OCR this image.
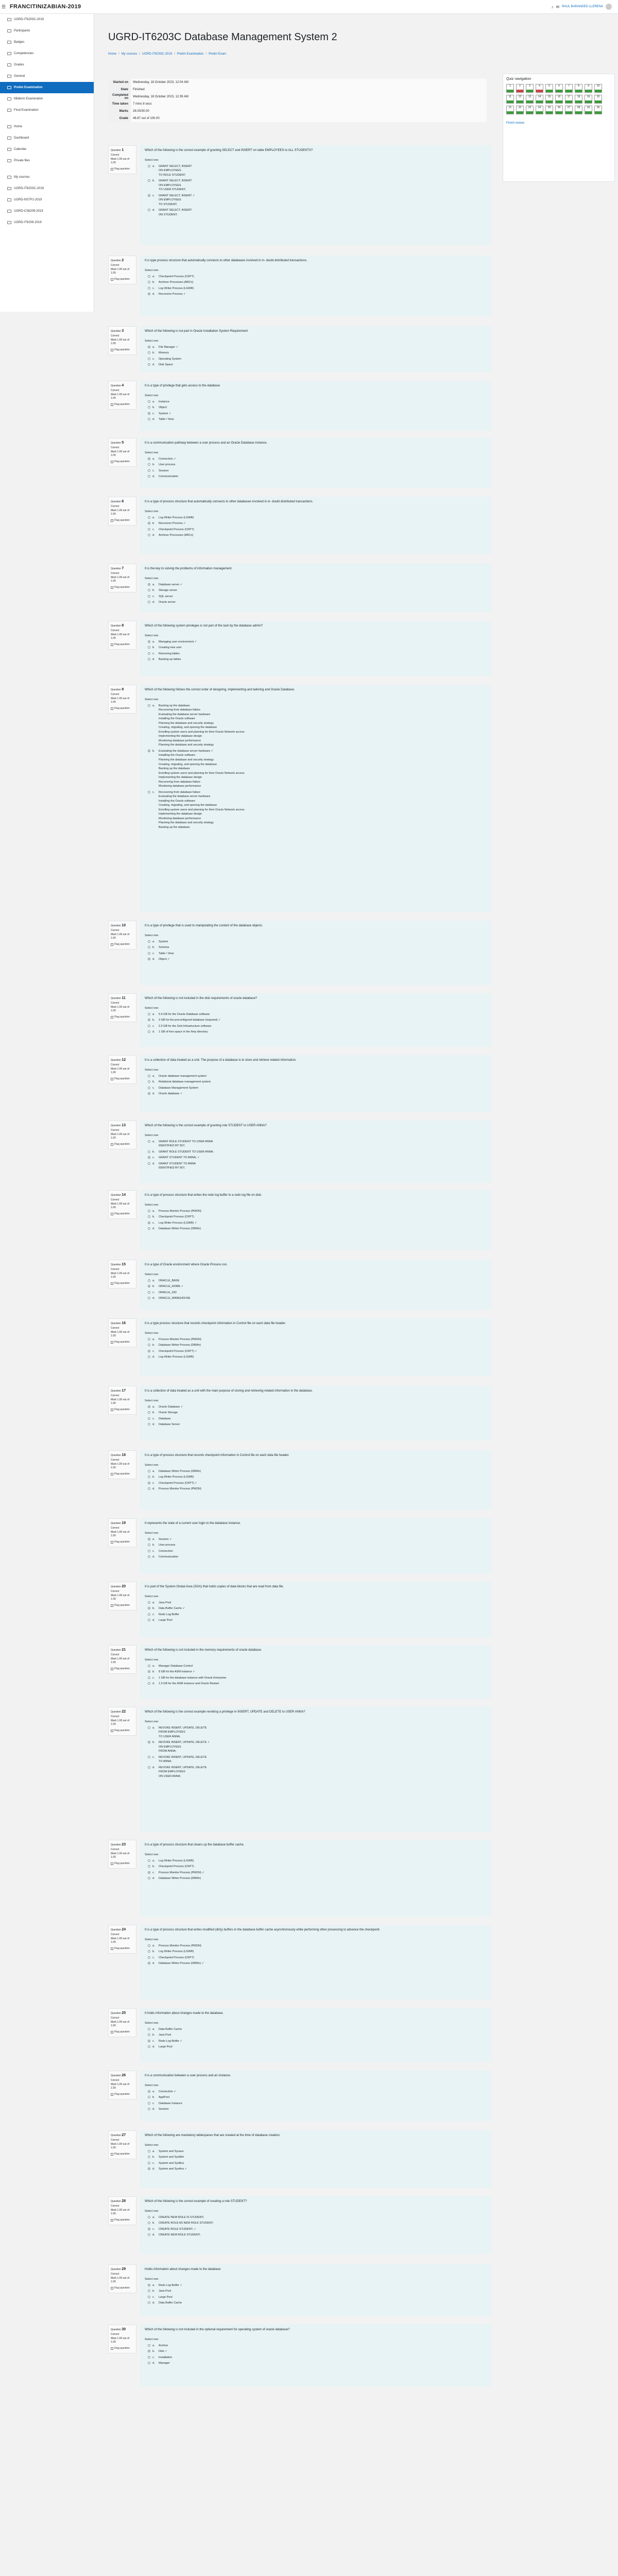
☰ FRANCITINIZABIAN-2019	♪ ✉ RAUL BARANDED LLERENA
UGRD-IT6203C-2019
Participants
Badges
Competencies
Grades
General
Prelim Examination
Midterm Examination
Final Examination
Home
Dashboard
Calendar
Private files
My courses
UGRD-IT6203C-2019
UGRD-NSTP1-2019
UGRD-CS6209-2019
UGRD-IT6209-2019
UGRD-IT6203C Database Management System 2
Home / My courses / UGRD-IT6203C-2019 / Prelim Examination / Prelim Exam
Started on	Wednesday, 18 October 2023, 12:04 AM
State	Finished
Completed on	Wednesday, 18 October 2023, 12:39 AM
Time taken	7 mins 8 secs
Marks	28.00/30.00
Grade	46.67 out of 100.00
Quiz navigation
1	2	3	4	5	6	7	8	9	10
11	12	13	14	15	16	17	18	19	20
21	22	23	24	25	26	27	28	29	30
Finish review
Question 1
Correct
Mark 1.00 out of 1.00
Flag question
Which of the following is the correct example of granting SELECT and INSERT on table EMPLOYEES to ALL STUDENTS?
Select one:
a.	GRANT SELECT, INSERT
ON EMPLOYEES
TO ROLE STUDENT;
b.	GRANT SELECT, INSERT
ON EMPLOYEES
TO USER STUDENT;
c.	GRANT SELECT, INSERT ✓
ON EMPLOYEES
TO STUDENT;
d.	GRANT SELECT, INSERT
ON STUDENT;
Question 2
Correct
Mark 1.00 out of 1.00
Flag question
It is type process structure that automatically connects to other databases involved in in- doubt distributed transactions.
Select one:
a.	Checkpoint Process (CKPT)
b.	Archiver Processes (ARCn)
c.	Log Writer Process (LGWR)
d.	Recoverer Process ✓
Question 3
Correct
Mark 1.00 out of 1.00
Flag question
Which of the following is not part in Oracle Installation System Requirement
Select one:
a.	File Manager ✓
b.	Memory
c.	Operating System
d.	Disk Space
Question 4
Correct
Mark 1.00 out of 1.00
Flag question
It is a type of privilege that gets access to the database
Select one:
a.	Instance
b.	Object
c.	System ✓
d.	Table / View
Question 5
Correct
Mark 1.00 out of 1.00
Flag question
It is a communication pathway between a user process and an Oracle Database instance.
Select one:
a.	Connection ✓
b.	User process
c.	Session
d.	Communication
Question 6
Correct
Mark 1.00 out of 1.00
Flag question
It is a type of process structure that automatically connects to other databases involved in in- doubt distributed transactions.
Select one:
a.	Log Writer Process (LGWR)
b.	Recoverer Process ✓
c.	Checkpoint Process (CKPT)
d.	Archiver Processes (ARCn)
Question 7
Correct
Mark 1.00 out of 1.00
Flag question
It is the key to solving the problems of information management.
Select one:
a.	Database server ✓
b.	Storage server
c.	SQL server
d.	Oracle server
Question 8
Correct
Mark 1.00 out of 1.00
Flag question
Which of the following system privileges is not part of the task by the database admin?
Select one:
a.	Managing user environment ✓
b.	Creating new user
c.	Removing tables
d.	Backing up tables
Question 9
Correct
Mark 1.00 out of 1.00
Flag question
Which of the following follows the correct order of designing, implementing and tailoring and Oracle Database.
Select one:
a.	Backing up the database
Recovering from database failure
Evaluating the database server hardware
Installing the Oracle software
Planning the database and security strategy
Creating, migrating, and opening the database
Enrolling system users and planning for their Oracle Network access
Implementing the database design
Monitoring database performance
Planning the database and security strategy
b.	Evaluating the database server hardware ✓
Installing the Oracle software
Planning the database and security strategy
Creating, migrating, and opening the database
Backing up the database
Enrolling system users and planning for their Oracle Network access
Implementing the database design
Recovering from database failure
Monitoring database performance
c.	Recovering from database failure
Evaluating the database server hardware
Installing the Oracle software
Creating, migrating, and opening the database
Enrolling system users and planning for their Oracle Network access
Implementing the database design
Monitoring database performance
Planning the database and security strategy
Backing up the database
Question 10
Correct
Mark 1.00 out of 1.00
Flag question
It is a type of privilege that is used to manipulating the content of the database objects.
Select one:
a.	System
b.	Schema
c.	Table / View
d.	Object ✓
Question 11
Correct
Mark 1.00 out of 1.00
Flag question
Which of the following is not included in the disk requirements of oracle database?
Select one:
a.	5.6 GB for the Oracle Database software
b.	3 GB for the preconfigured database (required) ✓
c.	2.5 GB for the Grid Infrastructure software
d.	1 GB of free space in the /tmp directory
Question 12
Correct
Mark 1.00 out of 1.00
Flag question
It is a collection of data treated as a unit. The purpose of a database is to store and retrieve related information.
Select one:
a.	Oracle database management system
b.	Relational database management system
c.	Database Management System
d.	Oracle database ✓
Question 13
Correct
Mark 1.00 out of 1.00
Flag question
Which of the following is the correct example of granting role STUDENT to USER ANNA?
Select one:
a.	GRANT ROLE STUDENT TO USER ANNA
IDENTIFIED BY 567;
b.	GRANT ROLE STUDENT TO USER ANNA;
c.	GRANT STUDENT TO ANNA; ✓
d.	GRANT STUDENT TO ANNA
IDENTIFIED BY 567;
Question 14
Correct
Mark 1.00 out of 1.00
Flag question
It is a type of process structure that writes the redo log buffer to a redo log file on disk.
Select one:
a.	Process Monitor Process (PMON)
b.	Checkpoint Process (CKPT)
c.	Log Writer Process (LGWR) ✓
d.	Database Writer Process (DBWn)
Question 15
Correct
Mark 1.00 out of 1.00
Flag question
It is a type of Oracle environment where Oracle Process run.
Select one:
a.	ORACLE_BASE
b.	ORACLE_HOME ✓
c.	ORACLE_SID
d.	ORACLE_WAREHOUSE
Question 16
Correct
Mark 1.00 out of 1.00
Flag question
It is a type process structure that records checkpoint information in Control file on each data file header.
Select one:
a.	Process Monitor Process (PMON)
b.	Database Writer Process (DBWn)
c.	Checkpoint Process (CKPT) ✓
d.	Log Writer Process (LGWR)
Question 17
Correct
Mark 1.00 out of 1.00
Flag question
It is a collection of data treated as a unit with the main purpose of storing and retrieving related information in the database.
Select one:
a.	Oracle Database ✓
b.	Oracle Storage
c.	Database
d.	Database Server
Question 18
Correct
Mark 1.00 out of 1.00
Flag question
It is a type of process structure that records checkpoint information in Control file on each data file header.
Select one:
a.	Database Writer Process (DBWn)
b.	Log Writer Process (LGWR)
c.	Checkpoint Process (CKPT) ✓
d.	Process Monitor Process (PMON)
Question 19
Correct
Mark 1.00 out of 1.00
Flag question
It represents the state of a current user login to the database instance.
Select one:
a.	Session ✓
b.	User process
c.	Connection
d.	Communication
Question 20
Correct
Mark 1.00 out of 1.00
Flag question
It is part of the System Global Area (SGA) that holds copies of data blocks that are read from data file.
Select one:
a.	Java Pool
b.	Data Buffer Cache ✓
c.	Redo Log Buffer
d.	Large Pool
Question 21
Correct
Mark 1.00 out of 1.00
Flag question
Which of the following is not included in the memory requirements of oracle database.
Select one:
a.	Manager Database Control
b.	8 GB for the ASM instance ✓
c.	1 GB for the database instance with Oracle Enterprise
d.	1.5 GB for the ASM instance and Oracle Restart
Question 22
Correct
Mark 1.00 out of 1.00
Flag question
Which of the following is the correct example revoking a privilege in INSERT, UPDATE and DELETE to USER ANNA?
Select one:
a.	REVOKE INSERT, UPDATE, DELETE
FROM EMPLOYEES
TO USER ANNA;
b.	REVOKE INSERT, UPDATE, DELETE ✓
ON EMPLOYEES
FROM ANNA;
c.	REVOKE INSERT, UPDATE, DELETE
TO ANNA;
d.	REVOKE INSERT, UPDATE, DELETE
FROM EMPLOYEES
ON USER ANNA;
Question 23
Correct
Mark 1.00 out of 1.00
Flag question
It is a type of process structure that cleans up the database buffer cache.
Select one:
a.	Log Writer Process (LGWR)
b.	Checkpoint Process (CKPT)
c.	Process Monitor Process (PMON) ✓
d.	Database Writer Process (DBWn)
Question 24
Correct
Mark 1.00 out of 1.00
Flag question
It is a type of process structure that writes modified (dirty) buffers in the database buffer cache asynchronously while performing other processing to advance the checkpoint.
Select one:
a.	Process Monitor Process (PMON)
b.	Log Writer Process (LGWR)
c.	Checkpoint Process (CKPT)
d.	Database Writer Process (DBWn) ✓
Question 25
Correct
Mark 1.00 out of 1.00
Flag question
It holds information about changes made to the database.
Select one:
a.	Data Buffer Cache
b.	Java Pool
c.	Redo Log Buffer ✓
d.	Large Pool
Question 26
Correct
Mark 1.00 out of 1.00
Flag question
It is a communication between a user process and an instance.
Select one:
a.	Connection ✓
b.	AppPool
c.	Database Instance
d.	Session
Question 27
Correct
Mark 1.00 out of 1.00
Flag question
Which of the following are mandatory tablespaces that are created at the time of database creation.
Select one:
a.	System and Sysaux
b.	System and SysMet
c.	System and SysBus
d.	System and SysAux ✓
Question 28
Correct
Mark 1.00 out of 1.00
Flag question
Which of the following is the correct example of creating a role STUDENT?
Select one:
a.	CREATE NEW ROLE IS STUDENT;
b.	CREATE ROLE AS NEW ROLE STUDENT;
c.	CREATE ROLE STUDENT; ✓
d.	CREATE NEW ROLE STUDENT;
Question 29
Correct
Mark 1.00 out of 1.00
Flag question
Holds information about changes made to the database
Select one:
a.	Redo Log Buffer ✓
b.	Java Pool
c.	Large Pool
d.	Data Buffer Cache
Question 30
Correct
Mark 1.00 out of 1.00
Flag question
Which of the following is not included in the optional requirement for operating system of oracle database?
Select one:
a.	Archive
b.	Disk ✓
c.	Installation
d.	Manager
